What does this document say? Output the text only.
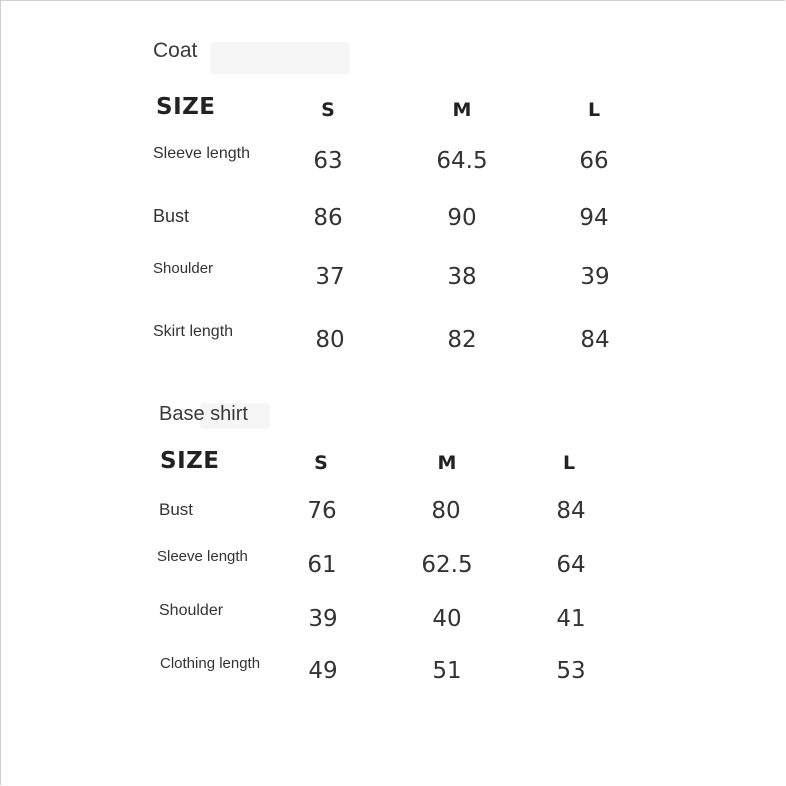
Coat
SIZE	S	M	L
Sleeve length	63	64.5	66
Bust	86	90	94
Shoulder	37	38	39
Skirt length	80	82	84
Base shirt
SIZE	S	M	L
Bust	76	80	84
Sleeve length	61	62.5	64
Shoulder	39	40	41
Clothing length 49	51	53
